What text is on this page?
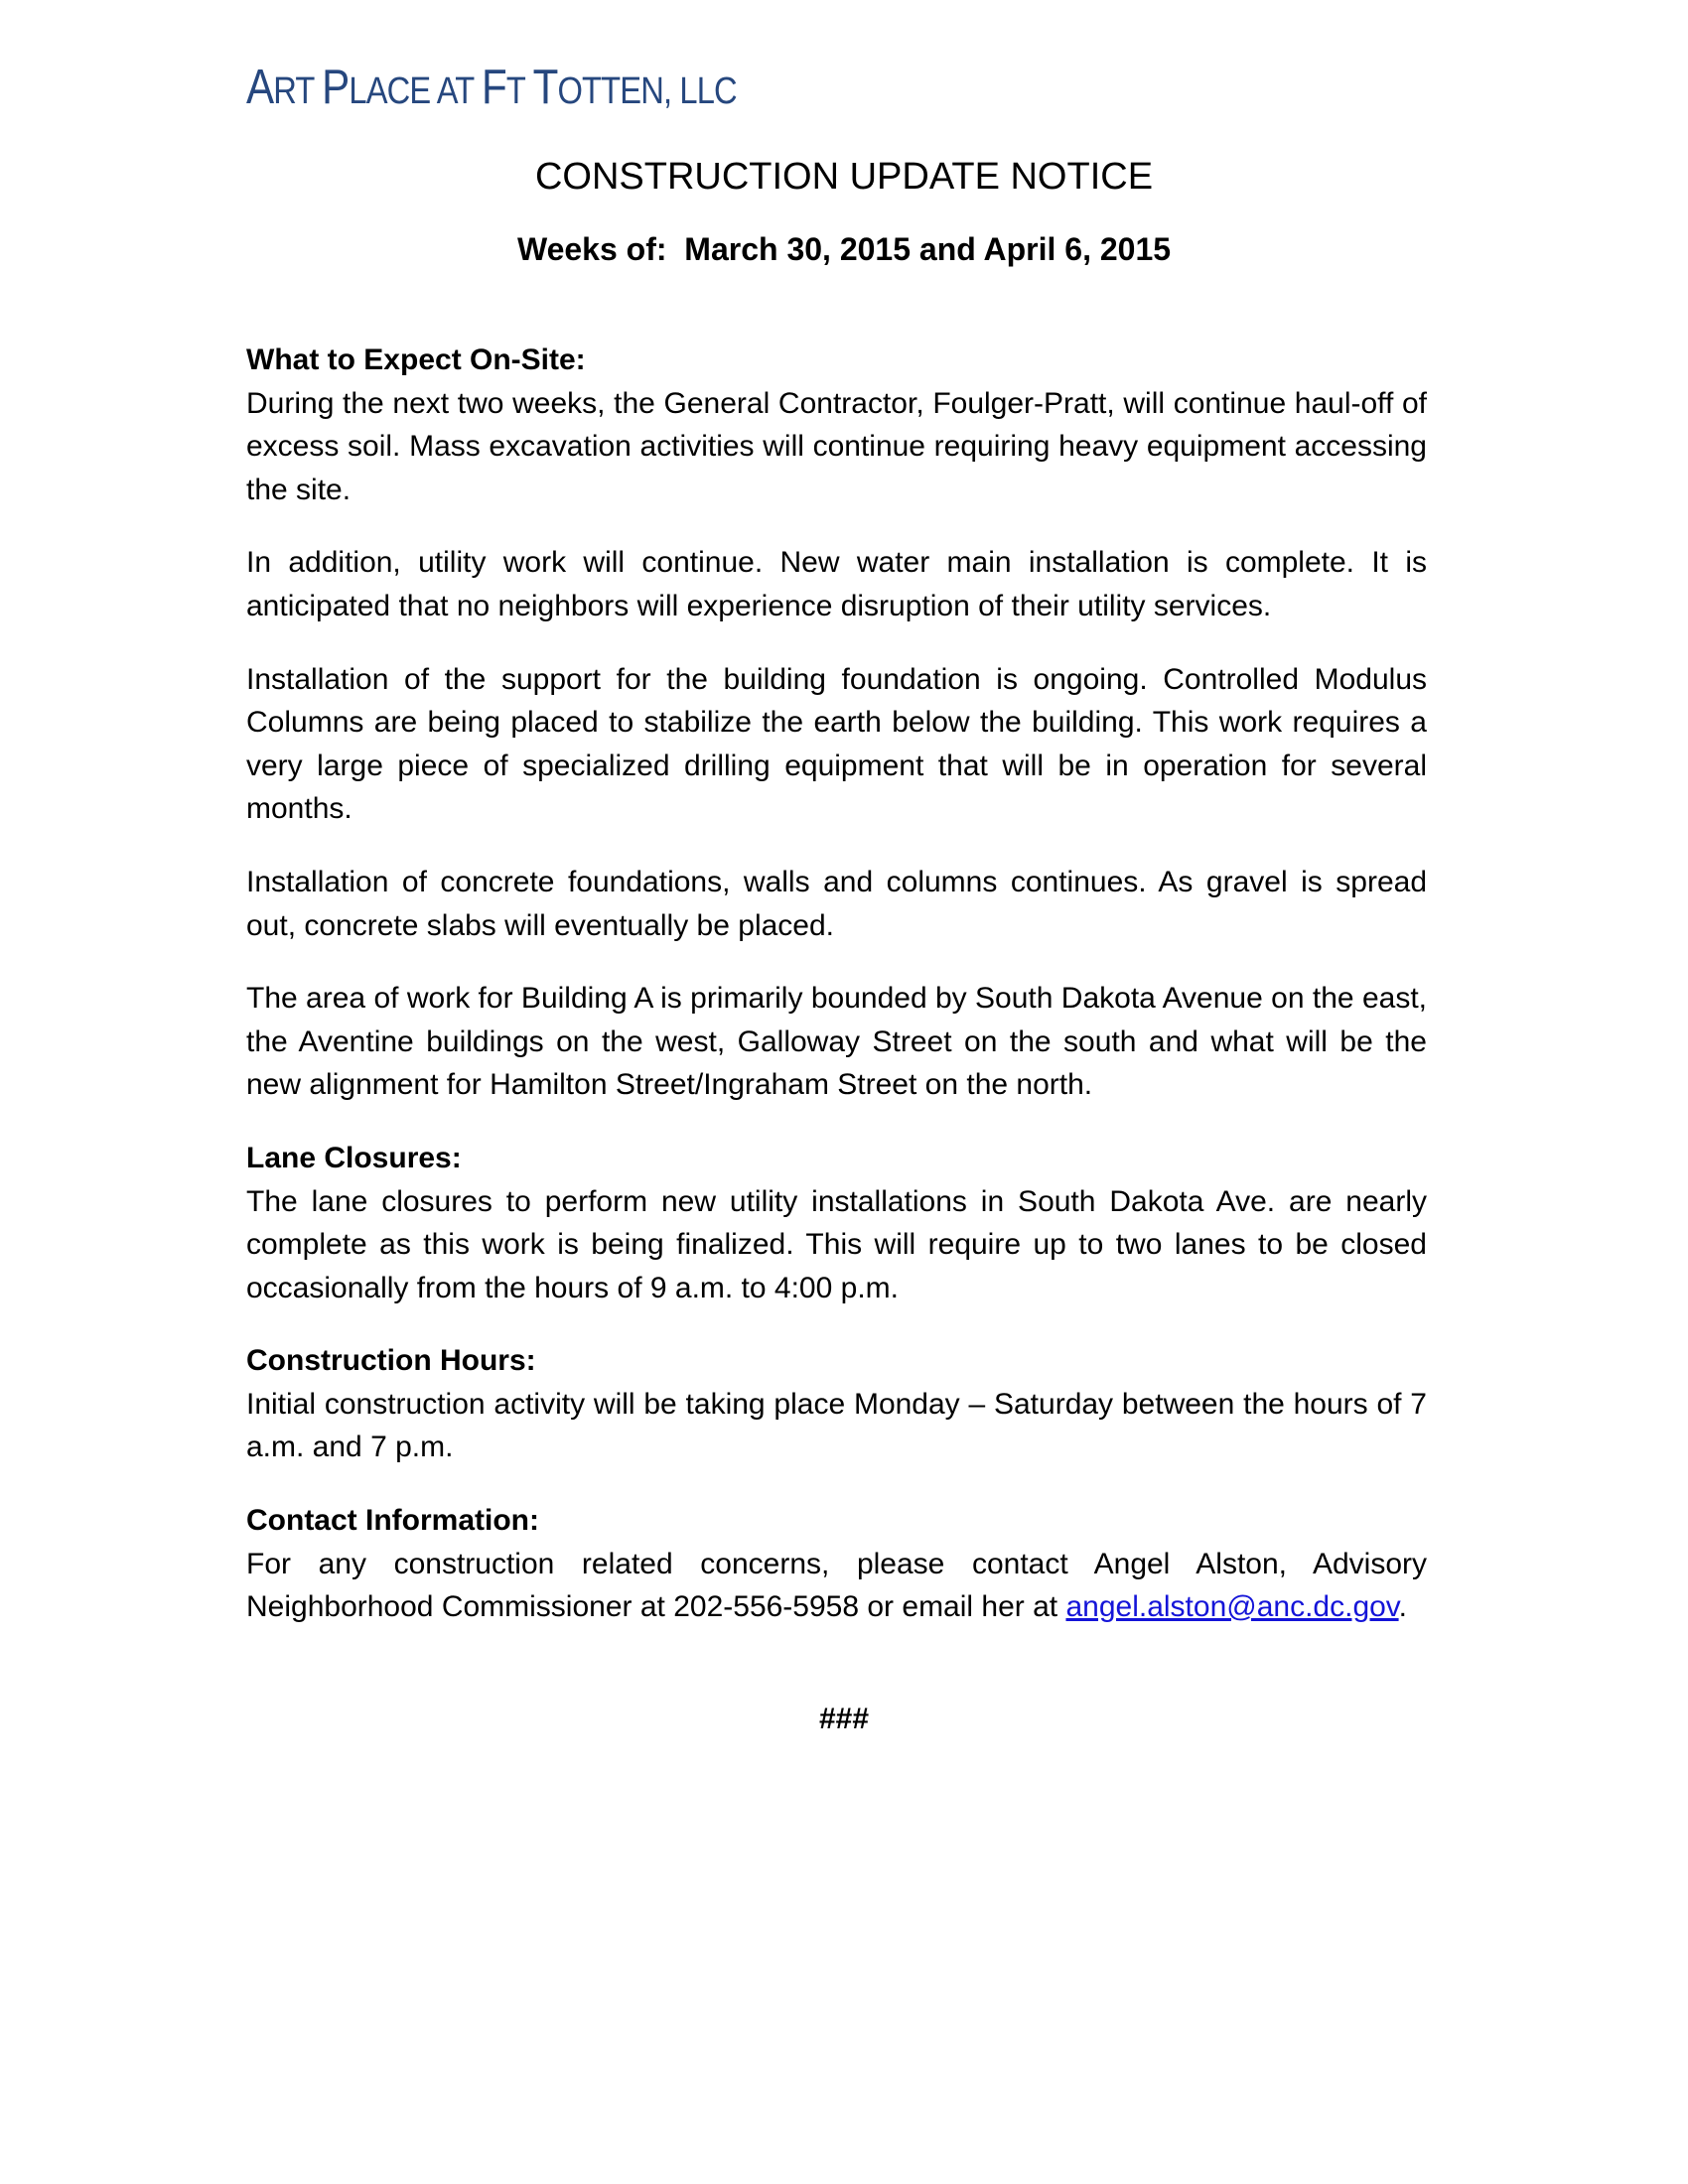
ART PLACE AT FT TOTTEN, LLC
CONSTRUCTION UPDATE NOTICE
Weeks of:  March 30, 2015 and April 6, 2015

What to Expect On-Site:
During the next two weeks, the General Contractor, Foulger-Pratt, will continue haul-off of excess soil. Mass excavation activities will continue requiring heavy equipment accessing the site.

In addition, utility work will continue. New water main installation is complete. It is anticipated that no neighbors will experience disruption of their utility services.

Installation of the support for the building foundation is ongoing. Controlled Modulus Columns are being placed to stabilize the earth below the building. This work requires a very large piece of specialized drilling equipment that will be in operation for several months.

Installation of concrete foundations, walls and columns continues. As gravel is spread out, concrete slabs will eventually be placed.

The area of work for Building A is primarily bounded by South Dakota Avenue on the east, the Aventine buildings on the west, Galloway Street on the south and what will be the new alignment for Hamilton Street/Ingraham Street on the north.

Lane Closures:
The lane closures to perform new utility installations in South Dakota Ave. are nearly complete as this work is being finalized. This will require up to two lanes to be closed occasionally from the hours of 9 a.m. to 4:00 p.m.

Construction Hours:
Initial construction activity will be taking place Monday – Saturday between the hours of 7 a.m. and 7 p.m.

Contact Information:
For any construction related concerns, please contact Angel Alston, Advisory Neighborhood Commissioner at 202-556-5958 or email her at angel.alston@anc.dc.gov.

###
